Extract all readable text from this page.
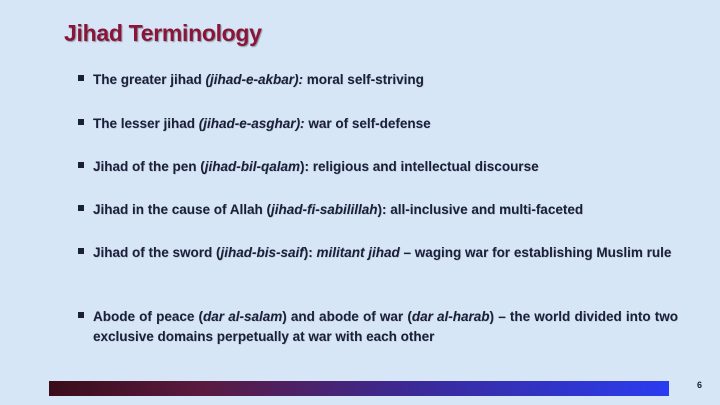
Jihad Terminology
The greater jihad (jihad-e-akbar): moral self-striving
The lesser jihad (jihad-e-asghar): war of self-defense
Jihad of the pen (jihad-bil-qalam): religious and intellectual discourse
Jihad in the cause of Allah (jihad-fi-sabilillah): all-inclusive and multi-faceted
Jihad of the sword (jihad-bis-saif): militant jihad – waging war for establishing Muslim rule
Abode of peace (dar al-salam) and abode of war (dar al-harab) – the world divided into two exclusive domains perpetually at war with each other
6
